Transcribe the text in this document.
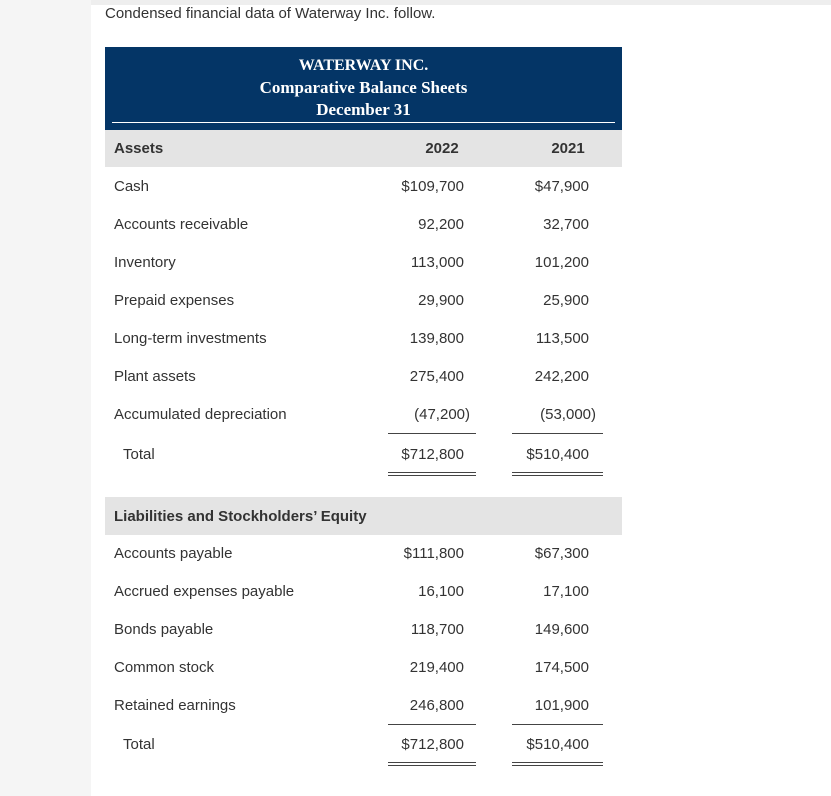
Condensed financial data of Waterway Inc. follow.
WATERWAY INC.
Comparative Balance Sheets
December 31
Assets	2022	2021
Cash	$109,700	$47,900
Accounts receivable	92,200	32,700
Inventory	113,000	101,200
Prepaid expenses	29,900	25,900
Long-term investments	139,800	113,500
Plant assets	275,400	242,200
Accumulated depreciation	(47,200)	(53,000)
Total	$712,800	$510,400
Liabilities and Stockholders’ Equity
Accounts payable	$111,800	$67,300
Accrued expenses payable	16,100	17,100
Bonds payable	118,700	149,600
Common stock	219,400	174,500
Retained earnings	246,800	101,900
Total	$712,800	$510,400
